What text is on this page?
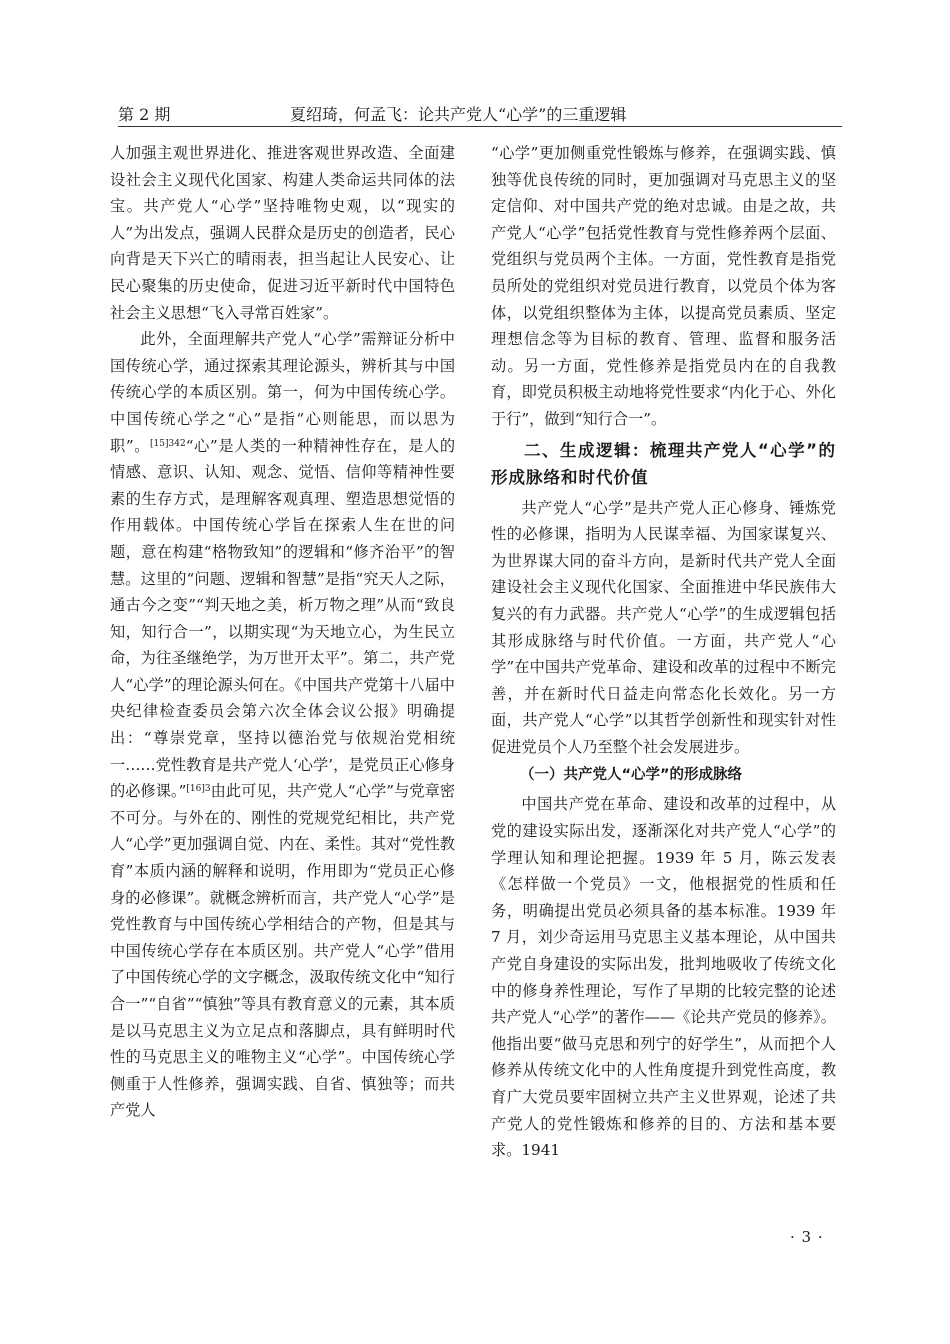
第 2 期	夏绍琦，何孟飞：论共产党人“心学”的三重逻辑

人加强主观世界进化、推进客观世界改造、全面建设社会主义现代化国家、构建人类命运共同体的法宝。共产党人“心学”坚持唯物史观，以“现实的人”为出发点，强调人民群众是历史的创造者，民心向背是天下兴亡的晴雨表，担当起让人民安心、让民心聚集的历史使命，促进习近平新时代中国特色社会主义思想“飞入寻常百姓家”。

此外，全面理解共产党人“心学”需辩证分析中国传统心学，通过探索其理论源头，辨析其与中国传统心学的本质区别。第一，何为中国传统心学。中国传统心学之“心”是指“心则能思，而以思为职”。$^{[15]342}$“心”是人类的一种精神性存在，是人的情感、意识、认知、观念、觉悟、信仰等精神性要素的生存方式，是理解客观真理、塑造思想觉悟的作用载体。中国传统心学旨在探索人生在世的问题，意在构建“格物致知”的逻辑和“修齐治平”的智慧。这里的“问题、逻辑和智慧”是指“究天人之际，通古今之变”“判天地之美，析万物之理”从而“致良知，知行合一”，以期实现“为天地立心，为生民立命，为往圣继绝学，为万世开太平”。第二，共产党人“心学”的理论源头何在。《中国共产党第十八届中央纪律检查委员会第六次全体会议公报》明确提出：“尊崇党章，坚持以德治党与依规治党相统一……党性教育是共产党人‘心学’，是党员正心修身的必修课。”$^{[16]3}$由此可见，共产党人“心学”与党章密不可分。与外在的、刚性的党规党纪相比，共产党人“心学”更加强调自觉、内在、柔性。其对“党性教育”本质内涵的解释和说明，作用即为“党员正心修身的必修课”。就概念辨析而言，共产党人“心学”是党性教育与中国传统心学相结合的产物，但是其与中国传统心学存在本质区别。共产党人“心学”借用了中国传统心学的文字概念，汲取传统文化中“知行合一”“自省”“慎独”等具有教育意义的元素，其本质是以马克思主义为立足点和落脚点，具有鲜明时代性的马克思主义的唯物主义“心学”。中国传统心学侧重于人性修养，强调实践、自省、慎独等；而共产党人

“心学”更加侧重党性锻炼与修养，在强调实践、慎独等优良传统的同时，更加强调对马克思主义的坚定信仰、对中国共产党的绝对忠诚。由是之故，共产党人“心学”包括党性教育与党性修养两个层面、党组织与党员两个主体。一方面，党性教育是指党员所处的党组织对党员进行教育，以党员个体为客体，以党组织整体为主体，以提高党员素质、坚定理想信念等为目标的教育、管理、监督和服务活动。另一方面，党性修养是指党员内在的自我教育，即党员积极主动地将党性要求“内化于心、外化于行”，做到“知行合一”。

二、生成逻辑：梳理共产党人“心学”的形成脉络和时代价值

共产党人“心学”是共产党人正心修身、锤炼党性的必修课，指明为人民谋幸福、为国家谋复兴、为世界谋大同的奋斗方向，是新时代共产党人全面建设社会主义现代化国家、全面推进中华民族伟大复兴的有力武器。共产党人“心学”的生成逻辑包括其形成脉络与时代价值。一方面，共产党人“心学”在中国共产党革命、建设和改革的过程中不断完善，并在新时代日益走向常态化长效化。另一方面，共产党人“心学”以其哲学创新性和现实针对性促进党员个人乃至整个社会发展进步。

（一）共产党人“心学”的形成脉络

中国共产党在革命、建设和改革的过程中，从党的建设实际出发，逐渐深化对共产党人“心学”的学理认知和理论把握。1939 年 5 月，陈云发表《怎样做一个党员》一文，他根据党的性质和任务，明确提出党员必须具备的基本标准。1939 年 7 月，刘少奇运用马克思主义基本理论，从中国共产党自身建设的实际出发，批判地吸收了传统文化中的修身养性理论，写作了早期的比较完整的论述共产党人“心学”的著作——《论共产党员的修养》。他指出要“做马克思和列宁的好学生”，从而把个人修养从传统文化中的人性角度提升到党性高度，教育广大党员要牢固树立共产主义世界观，论述了共产党人的党性锻炼和修养的目的、方法和基本要求。1941

· 3 ·
